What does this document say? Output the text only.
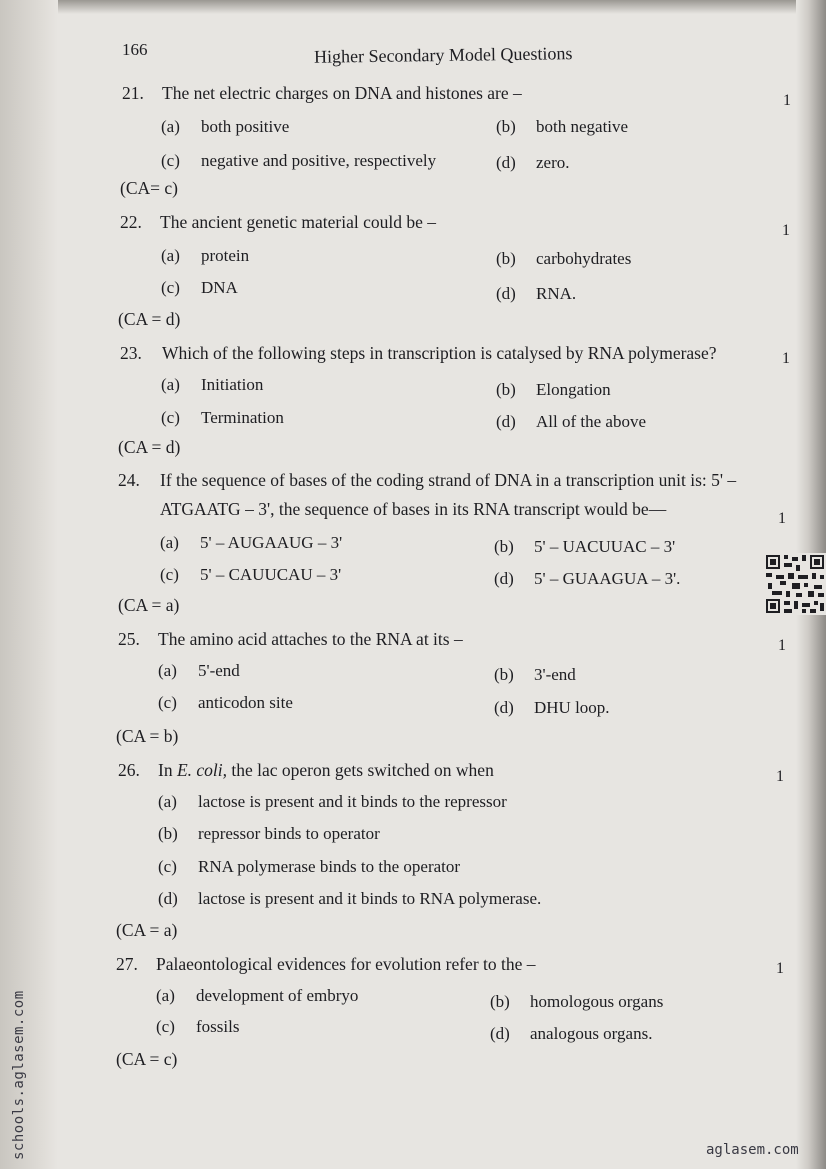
166	Higher Secondary Model Questions
21. The net electric charges on DNA and histones are –	1
(a) both positive	(b) both negative
(c) negative and positive, respectively	(d) zero.
(CA= c)
22. The ancient genetic material could be –	1
(a) protein	(b) carbohydrates
(c) DNA	(d) RNA.
(CA = d)
23. Which of the following steps in transcription is catalysed by RNA polymerase?	1
(a) Initiation	(b) Elongation
(c) Termination	(d) All of the above
(CA = d)
24. If the sequence of bases of the coding strand of DNA in a transcription unit is: 5' –
ATGAATG – 3', the sequence of bases in its RNA transcript would be—	1
(a) 5' – AUGAAUG – 3'	(b) 5' – UACUUAC – 3'
(c) 5' – CAUUCAU – 3'	(d) 5' – GUAAGUA – 3'.
(CA = a)
25. The amino acid attaches to the RNA at its –	1
(a) 5'-end	(b) 3'-end
(c) anticodon site	(d) DHU loop.
(CA = b)
26. In E. coli, the lac operon gets switched on when	1
(a) lactose is present and it binds to the repressor
(b) repressor binds to operator
(c) RNA polymerase binds to the operator
(d) lactose is present and it binds to RNA polymerase.
(CA = a)
27. Palaeontological evidences for evolution refer to the –	1
(a) development of embryo	(b) homologous organs
(c) fossils	(d) analogous organs.
(CA = c)
schools.aglasem.com	aglasem.com
